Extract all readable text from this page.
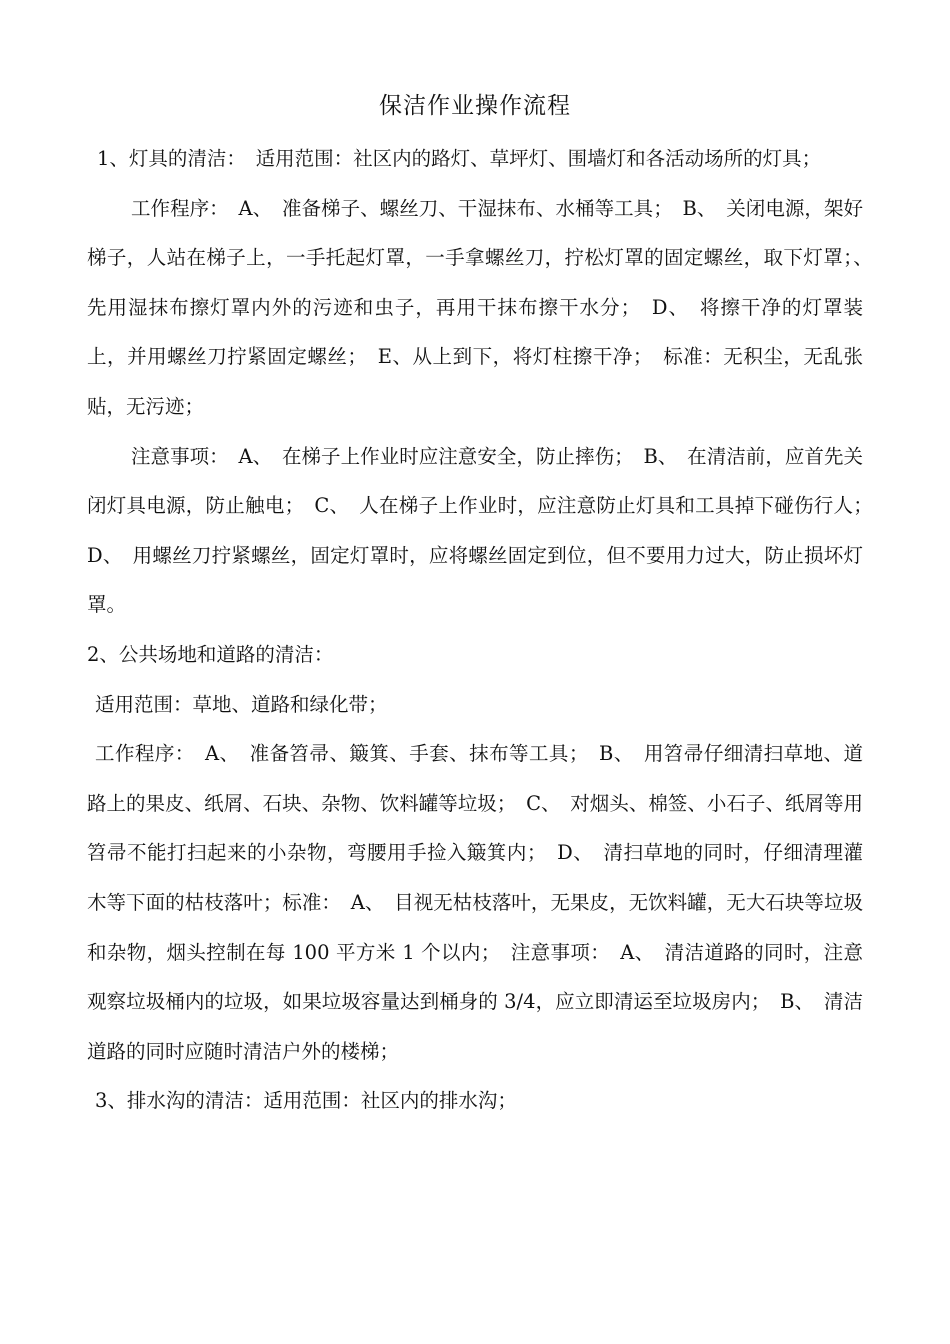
保洁作业操作流程

1、灯具的清洁：　适用范围：社区内的路灯、草坪灯、围墙灯和各活动场所的灯具；

工作程序：　A、　准备梯子、螺丝刀、干湿抹布、水桶等工具；　B、　关闭电源，架好梯子，人站在梯子上，一手托起灯罩，一手拿螺丝刀，拧松灯罩的固定螺丝，取下灯罩；、　先用湿抹布擦灯罩内外的污迹和虫子，再用干抹布擦干水分；　D、　将擦干净的灯罩装上，并用螺丝刀拧紧固定螺丝；　E、从上到下，将灯柱擦干净；　标准：无积尘，无乱张贴，无污迹；

注意事项：　A、　在梯子上作业时应注意安全，防止摔伤；　B、　在清洁前，应首先关闭灯具电源，防止触电；　C、　人在梯子上作业时，应注意防止灯具和工具掉下碰伤行人；　D、　用螺丝刀拧紧螺丝，固定灯罩时，应将螺丝固定到位，但不要用力过大，防止损坏灯罩。

2、公共场地和道路的清洁：

适用范围：草地、道路和绿化带；

工作程序：　A、　准备笤帚、簸箕、手套、抹布等工具；　B、　用笤帚仔细清扫草地、道路上的果皮、纸屑、石块、杂物、饮料罐等垃圾；　C、　对烟头、棉签、小石子、纸屑等用笤帚不能打扫起来的小杂物，弯腰用手捡入簸箕内；　D、　清扫草地的同时，仔细清理灌木等下面的枯枝落叶；标准：　A、　目视无枯枝落叶，无果皮，无饮料罐，无大石块等垃圾和杂物，烟头控制在每 100 平方米 1 个以内；　注意事项：　A、　清洁道路的同时，注意观察垃圾桶内的垃圾，如果垃圾容量达到桶身的 3/4，应立即清运至垃圾房内；　B、　清洁道路的同时应随时清洁户外的楼梯；

3、排水沟的清洁：适用范围：社区内的排水沟；
